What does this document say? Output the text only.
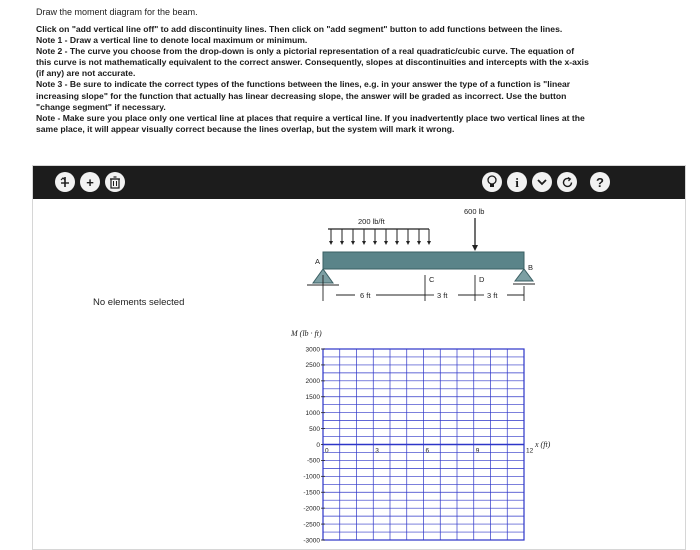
Draw the moment diagram for the beam.
Click on "add vertical line off" to add discontinuity lines. Then click on "add segment" button to add functions between the lines.
Note 1 - Draw a vertical line to denote local maximum or minimum.
Note 2 - The curve you choose from the drop-down is only a pictorial representation of a real quadratic/cubic curve. The equation of
this curve is not mathematically equivalent to the correct answer. Consequently, slopes at discontinuities and intercepts with the x-axis
(if any) are not accurate.
Note 3 - Be sure to indicate the correct types of the functions between the lines, e.g. in your answer the type of a function is "linear
increasing slope" for the function that actually has linear decreasing slope, the answer will be graded as incorrect. Use the button
"change segment" if necessary.
Note - Make sure you place only one vertical line at places that require a vertical line. If you inadvertently place two vertical lines at the
same place, it will appear visually correct because the lines overlap, but the system will mark it wrong.
+	i	?
No elements selected
200 lb/ft
600 lb
A
B
C	D
6 ft	3 ft	3 ft
M (lb · ft)
x (ft)
3000
2500
2000
1500
1000
500
0
-500
-1000
-1500
-2000
-2500
-3000
0	3	6	9	12
